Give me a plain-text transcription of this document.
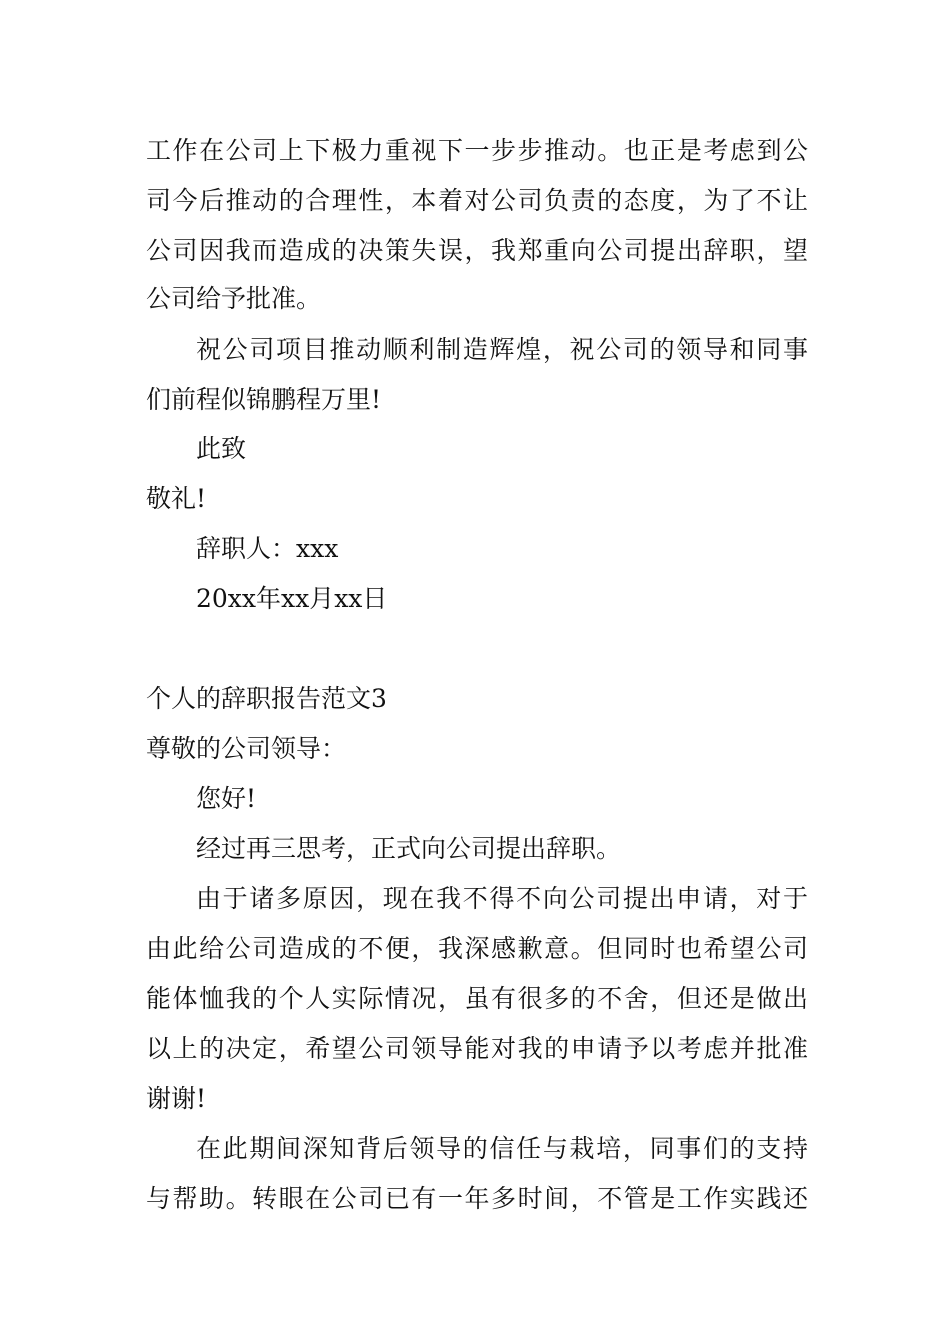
工作在公司上下极力重视下一步步推动。也正是考虑到公
司今后推动的合理性，本着对公司负责的态度，为了不让
公司因我而造成的决策失误，我郑重向公司提出辞职，望
公司给予批准。
祝公司项目推动顺利制造辉煌，祝公司的领导和同事
们前程似锦鹏程万里!
此致
敬礼!
辞职人：xxx
20xx年xx月xx日
个人的辞职报告范文3
尊敬的公司领导：
您好!
经过再三思考，正式向公司提出辞职。
由于诸多原因，现在我不得不向公司提出申请，对于
由此给公司造成的不便，我深感歉意。但同时也希望公司
能体恤我的个人实际情况，虽有很多的不舍，但还是做出
以上的决定，希望公司领导能对我的申请予以考虑并批准
谢谢!
在此期间深知背后领导的信任与栽培，同事们的支持
与帮助。转眼在公司已有一年多时间，不管是工作实践还
